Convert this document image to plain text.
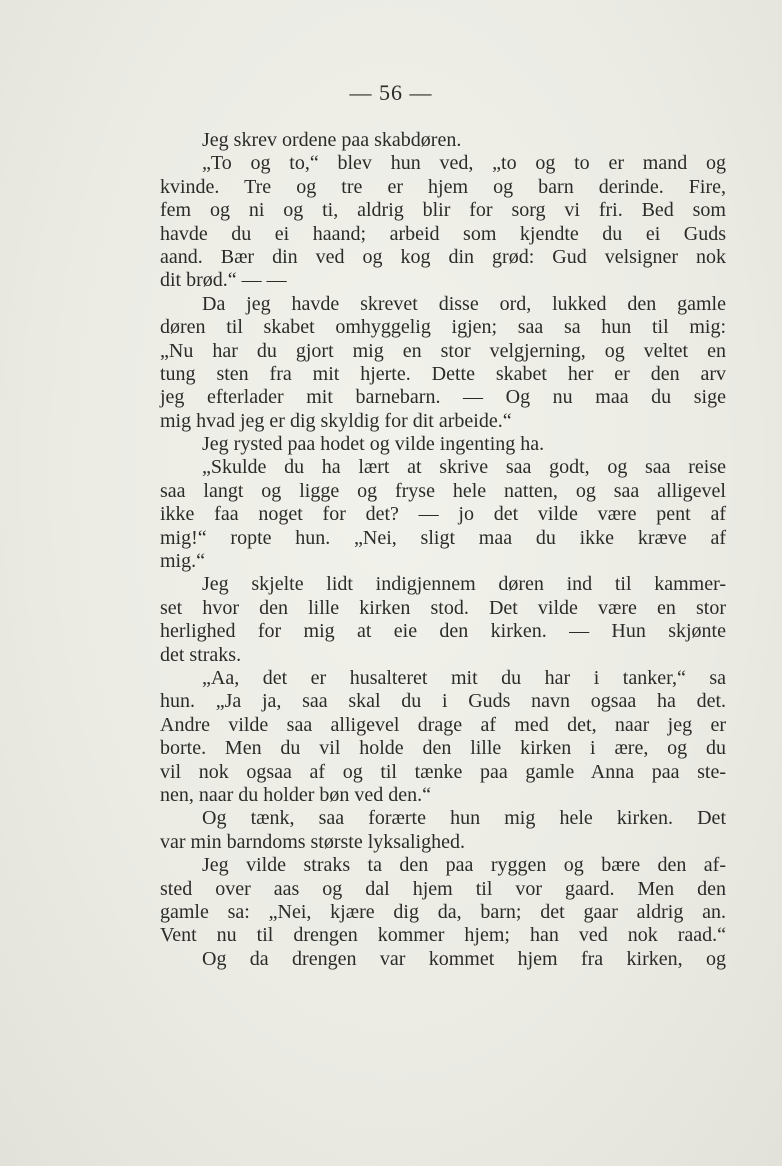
— 56 —
Jeg skrev ordene paa skabdøren.
„To og to,“ blev hun ved, „to og to er mand og
kvinde. Tre og tre er hjem og barn derinde. Fire,
fem og ni og ti, aldrig blir for sorg vi fri. Bed som
havde du ei haand; arbeid som kjendte du ei Guds
aand. Bær din ved og kog din grød: Gud velsigner nok
dit brød.“ — —
Da jeg havde skrevet disse ord, lukked den gamle
døren til skabet omhyggelig igjen; saa sa hun til mig:
„Nu har du gjort mig en stor velgjerning, og veltet en
tung sten fra mit hjerte. Dette skabet her er den arv
jeg efterlader mit barnebarn. — Og nu maa du sige
mig hvad jeg er dig skyldig for dit arbeide.“
Jeg rysted paa hodet og vilde ingenting ha.
„Skulde du ha lært at skrive saa godt, og saa reise
saa langt og ligge og fryse hele natten, og saa alligevel
ikke faa noget for det? — jo det vilde være pent af
mig!“ ropte hun. „Nei, sligt maa du ikke kræve af
mig.“
Jeg skjelte lidt indigjennem døren ind til kammer-
set hvor den lille kirken stod. Det vilde være en stor
herlighed for mig at eie den kirken. — Hun skjønte
det straks.
„Aa, det er husalteret mit du har i tanker,“ sa
hun. „Ja ja, saa skal du i Guds navn ogsaa ha det.
Andre vilde saa alligevel drage af med det, naar jeg er
borte. Men du vil holde den lille kirken i ære, og du
vil nok ogsaa af og til tænke paa gamle Anna paa ste-
nen, naar du holder bøn ved den.“
Og tænk, saa forærte hun mig hele kirken. Det
var min barndoms største lyksalighed.
Jeg vilde straks ta den paa ryggen og bære den af-
sted over aas og dal hjem til vor gaard. Men den
gamle sa: „Nei, kjære dig da, barn; det gaar aldrig an.
Vent nu til drengen kommer hjem; han ved nok raad.“
Og da drengen var kommet hjem fra kirken, og
